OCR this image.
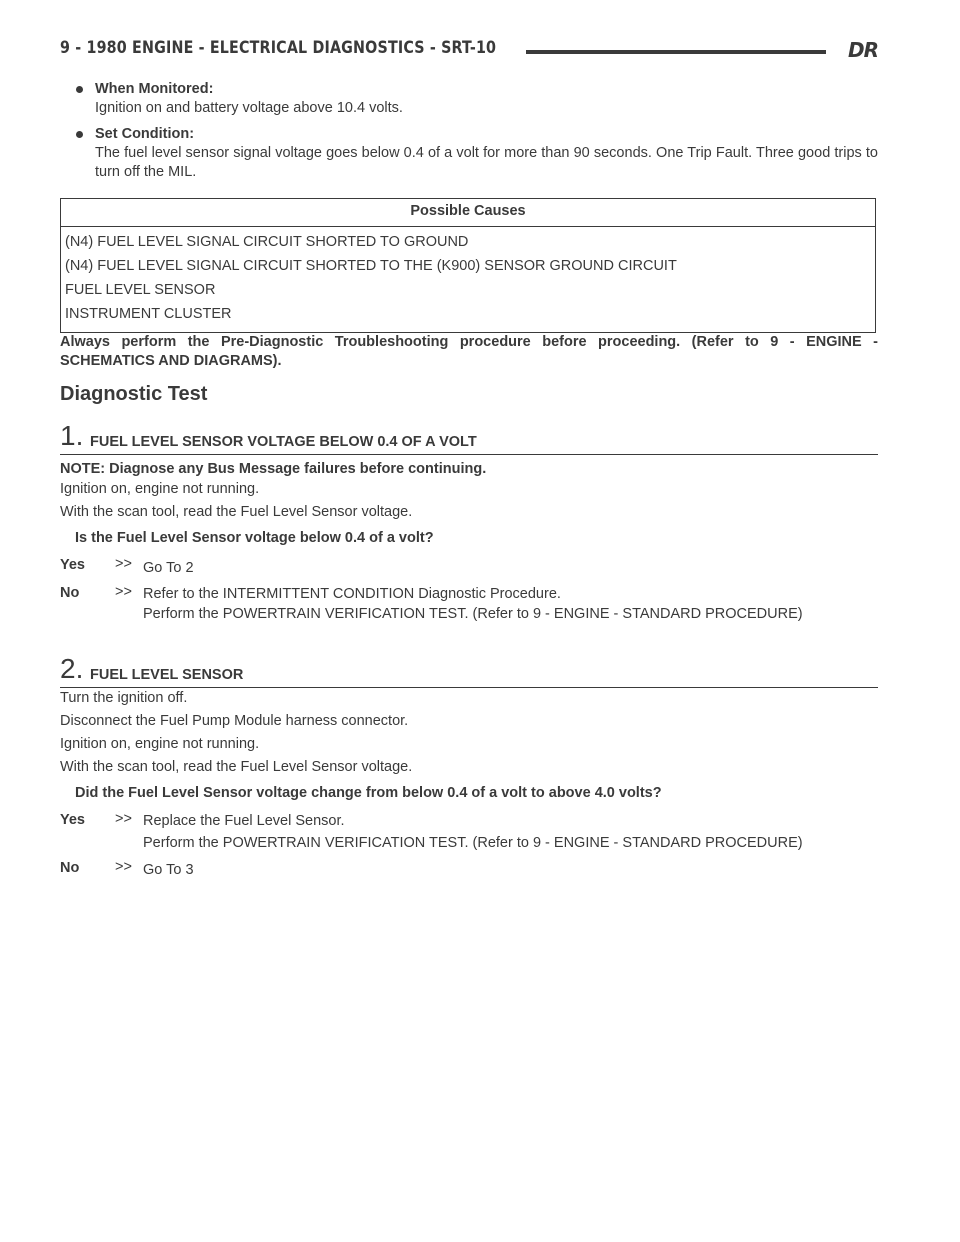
9 - 1980 ENGINE - ELECTRICAL DIAGNOSTICS - SRT-10	DR
When Monitored:
Ignition on and battery voltage above 10.4 volts.
Set Condition:
The fuel level sensor signal voltage goes below 0.4 of a volt for more than 90 seconds. One Trip Fault. Three good trips to turn off the MIL.
Possible Causes
(N4) FUEL LEVEL SIGNAL CIRCUIT SHORTED TO GROUND
(N4) FUEL LEVEL SIGNAL CIRCUIT SHORTED TO THE (K900) SENSOR GROUND CIRCUIT
FUEL LEVEL SENSOR
INSTRUMENT CLUSTER
Always perform the Pre-Diagnostic Troubleshooting procedure before proceeding. (Refer to 9 - ENGINE - SCHEMATICS AND DIAGRAMS).
Diagnostic Test
1. FUEL LEVEL SENSOR VOLTAGE BELOW 0.4 OF A VOLT
NOTE: Diagnose any Bus Message failures before continuing.
Ignition on, engine not running.
With the scan tool, read the Fuel Level Sensor voltage.
Is the Fuel Level Sensor voltage below 0.4 of a volt?
Yes >> Go To 2
No >> Refer to the INTERMITTENT CONDITION Diagnostic Procedure.
Perform the POWERTRAIN VERIFICATION TEST. (Refer to 9 - ENGINE - STANDARD PROCEDURE)
2. FUEL LEVEL SENSOR
Turn the ignition off.
Disconnect the Fuel Pump Module harness connector.
Ignition on, engine not running.
With the scan tool, read the Fuel Level Sensor voltage.
Did the Fuel Level Sensor voltage change from below 0.4 of a volt to above 4.0 volts?
Yes >> Replace the Fuel Level Sensor.
Perform the POWERTRAIN VERIFICATION TEST. (Refer to 9 - ENGINE - STANDARD PROCEDURE)
No >> Go To 3
